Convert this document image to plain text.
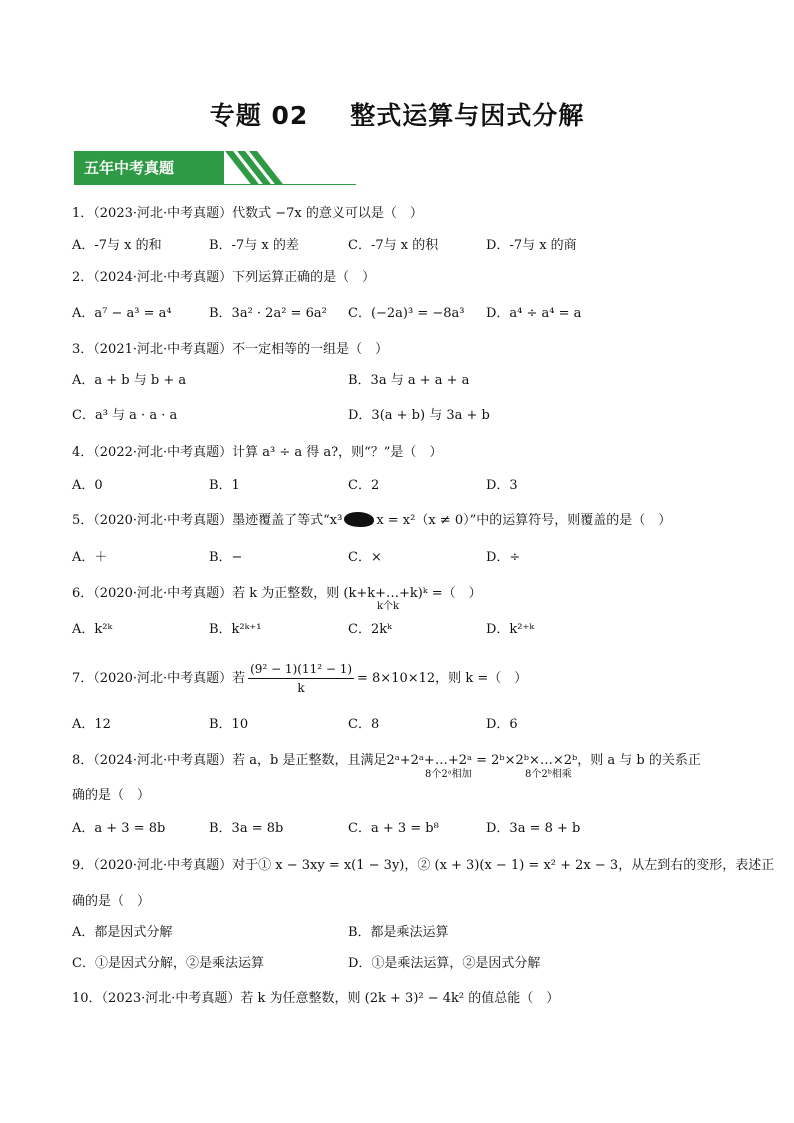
专题 02 整式运算与因式分解
五年中考真题
1．（2023·河北·中考真题）代数式 −7x 的意义可以是（　）
A．-7与 x 的和	B．-7与 x 的差	C．-7与 x 的积	D．-7与 x 的商
2．（2024·河北·中考真题）下列运算正确的是（　）
A．a⁷ − a³ = a⁴	B．3a² · 2a² = 6a² C．(−2a)³ = −8a³ D．a⁴ ÷ a⁴ = a
3．（2021·河北·中考真题）不一定相等的一组是（　）
A．a + b 与 b + a	B．3a 与 a + a + a
C．a³ 与 a · a · a	D．3(a + b) 与 3a + b
4．（2022·河北·中考真题）计算 a³ ÷ a 得 a?，则“？”是（　）
A．0	B．1	C．2	D．3
5．（2020·河北·中考真题）墨迹覆盖了等式“x³	x = x²（x ≠ 0）”中的运算符号，则覆盖的是（　）
A．＋	B．−	C．×	D．÷
6．（2020·河北·中考真题）若 k 为正整数，则 (k+k+…+k)ᵏ =（　）
k个k
A．k²ᵏ	B．k²ᵏ⁺¹	C．2kᵏ	D．k²⁺ᵏ
7．（2020·河北·中考真题）若 $\frac{\text{(9² − 1)(11² − 1)}}{k} = 8\times 10\times 12$，则 k =（　）
A．12	B．10	C．8	D．6
8．（2024·河北·中考真题）若 a，b 是正整数，且满足2ᵃ+2ᵃ+…+2ᵃ = 2ᵇ×2ᵇ×…×2ᵇ，则 a 与 b 的关系正
8个2ᵃ相加	8个2ᵇ相乘
确的是（　）
A．a + 3 = 8b	B．3a = 8b	C．a + 3 = b⁸	D．3a = 8 + b
9．（2020·河北·中考真题）对于① x − 3xy = x(1 − 3y)，② (x + 3)(x − 1) = x² + 2x − 3，从左到右的变形，表述正
确的是（　）
A．都是因式分解	B．都是乘法运算
C．①是因式分解，②是乘法运算	D．①是乘法运算，②是因式分解
10．（2023·河北·中考真题）若 k 为任意整数，则 (2k + 3)² − 4k² 的值总能（　）
